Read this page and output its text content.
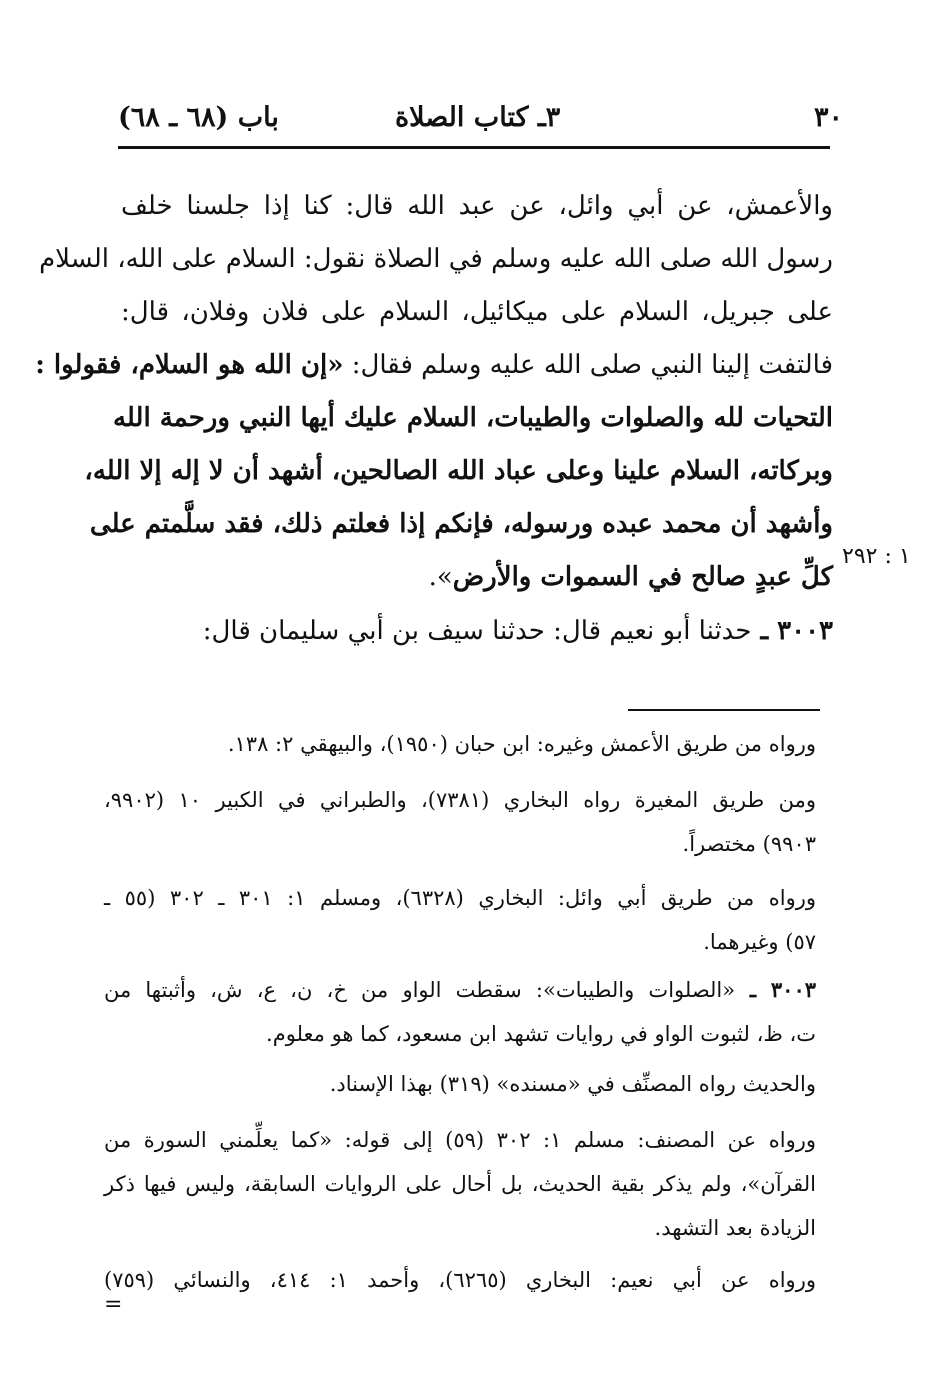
٣٠
٣ـ كتاب الصلاة
باب (٦٨ ـ ٦٨)
والأعمش، عن أبي وائل، عن عبد الله قال: كنا إذا جلسنا خلف
رسول الله صلى الله عليه وسلم في الصلاة نقول: السلام على الله، السلام
على جبريل، السلام على ميكائيل، السلام على فلان وفلان، قال:
فالتفت إلينا النبي صلى الله عليه وسلم فقال: «إن الله هو السلام، فقولوا :
التحيات لله والصلوات والطيبات، السلام عليك أيها النبي ورحمة الله
وبركاته، السلام علينا وعلى عباد الله الصالحين، أشهد أن لا إله إلا الله،
وأشهد أن محمد عبده ورسوله، فإنكم إذا فعلتم ذلك، فقد سلَّمتم على
كلِّ عبدٍ صالح في السموات والأرض».
١ : ٢٩٢
٣٠٠٣ ـ حدثنا أبو نعيم قال: حدثنا سيف بن أبي سليمان قال:
ورواه من طريق الأعمش وغيره: ابن حبان (١٩٥٠)، والبيهقي ٢: ١٣٨.
ومن طريق المغيرة رواه البخاري (٧٣٨١)، والطبراني في الكبير ١٠ (٩٩٠٢،
٩٩٠٣) مختصراً.
ورواه من طريق أبي وائل: البخاري (٦٣٢٨)، ومسلم ١: ٣٠١ ـ ٣٠٢ (٥٥ ـ
٥٧) وغيرهما.
٣٠٠٣ ـ «الصلوات والطيبات»: سقطت الواو من خ، ن، ع، ش، وأثبتها من
ت، ظ، لثبوت الواو في روايات تشهد ابن مسعود، كما هو معلوم.
والحديث رواه المصنِّف في «مسنده» (٣١٩) بهذا الإسناد.
ورواه عن المصنف: مسلم ١: ٣٠٢ (٥٩) إلى قوله: «كما يعلِّمني السورة من
القرآن»، ولم يذكر بقية الحديث، بل أحال على الروايات السابقة، وليس فيها ذكر
الزيادة بعد التشهد.
ورواه عن أبي نعيم: البخاري (٦٢٦٥)، وأحمد ١: ٤١٤، والنسائي (٧٥٩)
=
